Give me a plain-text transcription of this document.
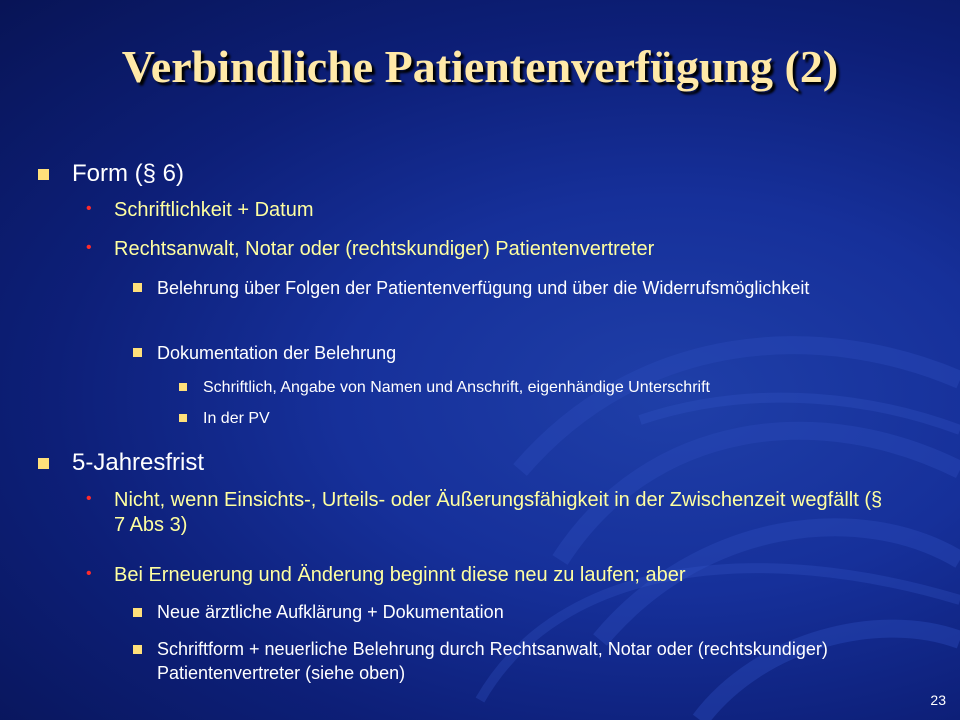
Verbindliche Patientenverfügung (2)
Form (§ 6)
• Schriftlichkeit + Datum
• Rechtsanwalt, Notar oder (rechtskundiger) Patientenvertreter
Belehrung über Folgen der Patientenverfügung und über die Widerrufsmöglichkeit
Dokumentation der Belehrung
Schriftlich, Angabe von Namen und Anschrift, eigenhändige Unterschrift
In der PV
5-Jahresfrist
• Nicht, wenn Einsichts-, Urteils- oder Äußerungsfähigkeit in der Zwischenzeit wegfällt (§ 7 Abs 3)
• Bei Erneuerung und Änderung beginnt diese neu zu laufen; aber
Neue ärztliche Aufklärung + Dokumentation
Schriftform + neuerliche Belehrung durch Rechtsanwalt, Notar oder (rechtskundiger) Patientenvertreter (siehe oben)
23
